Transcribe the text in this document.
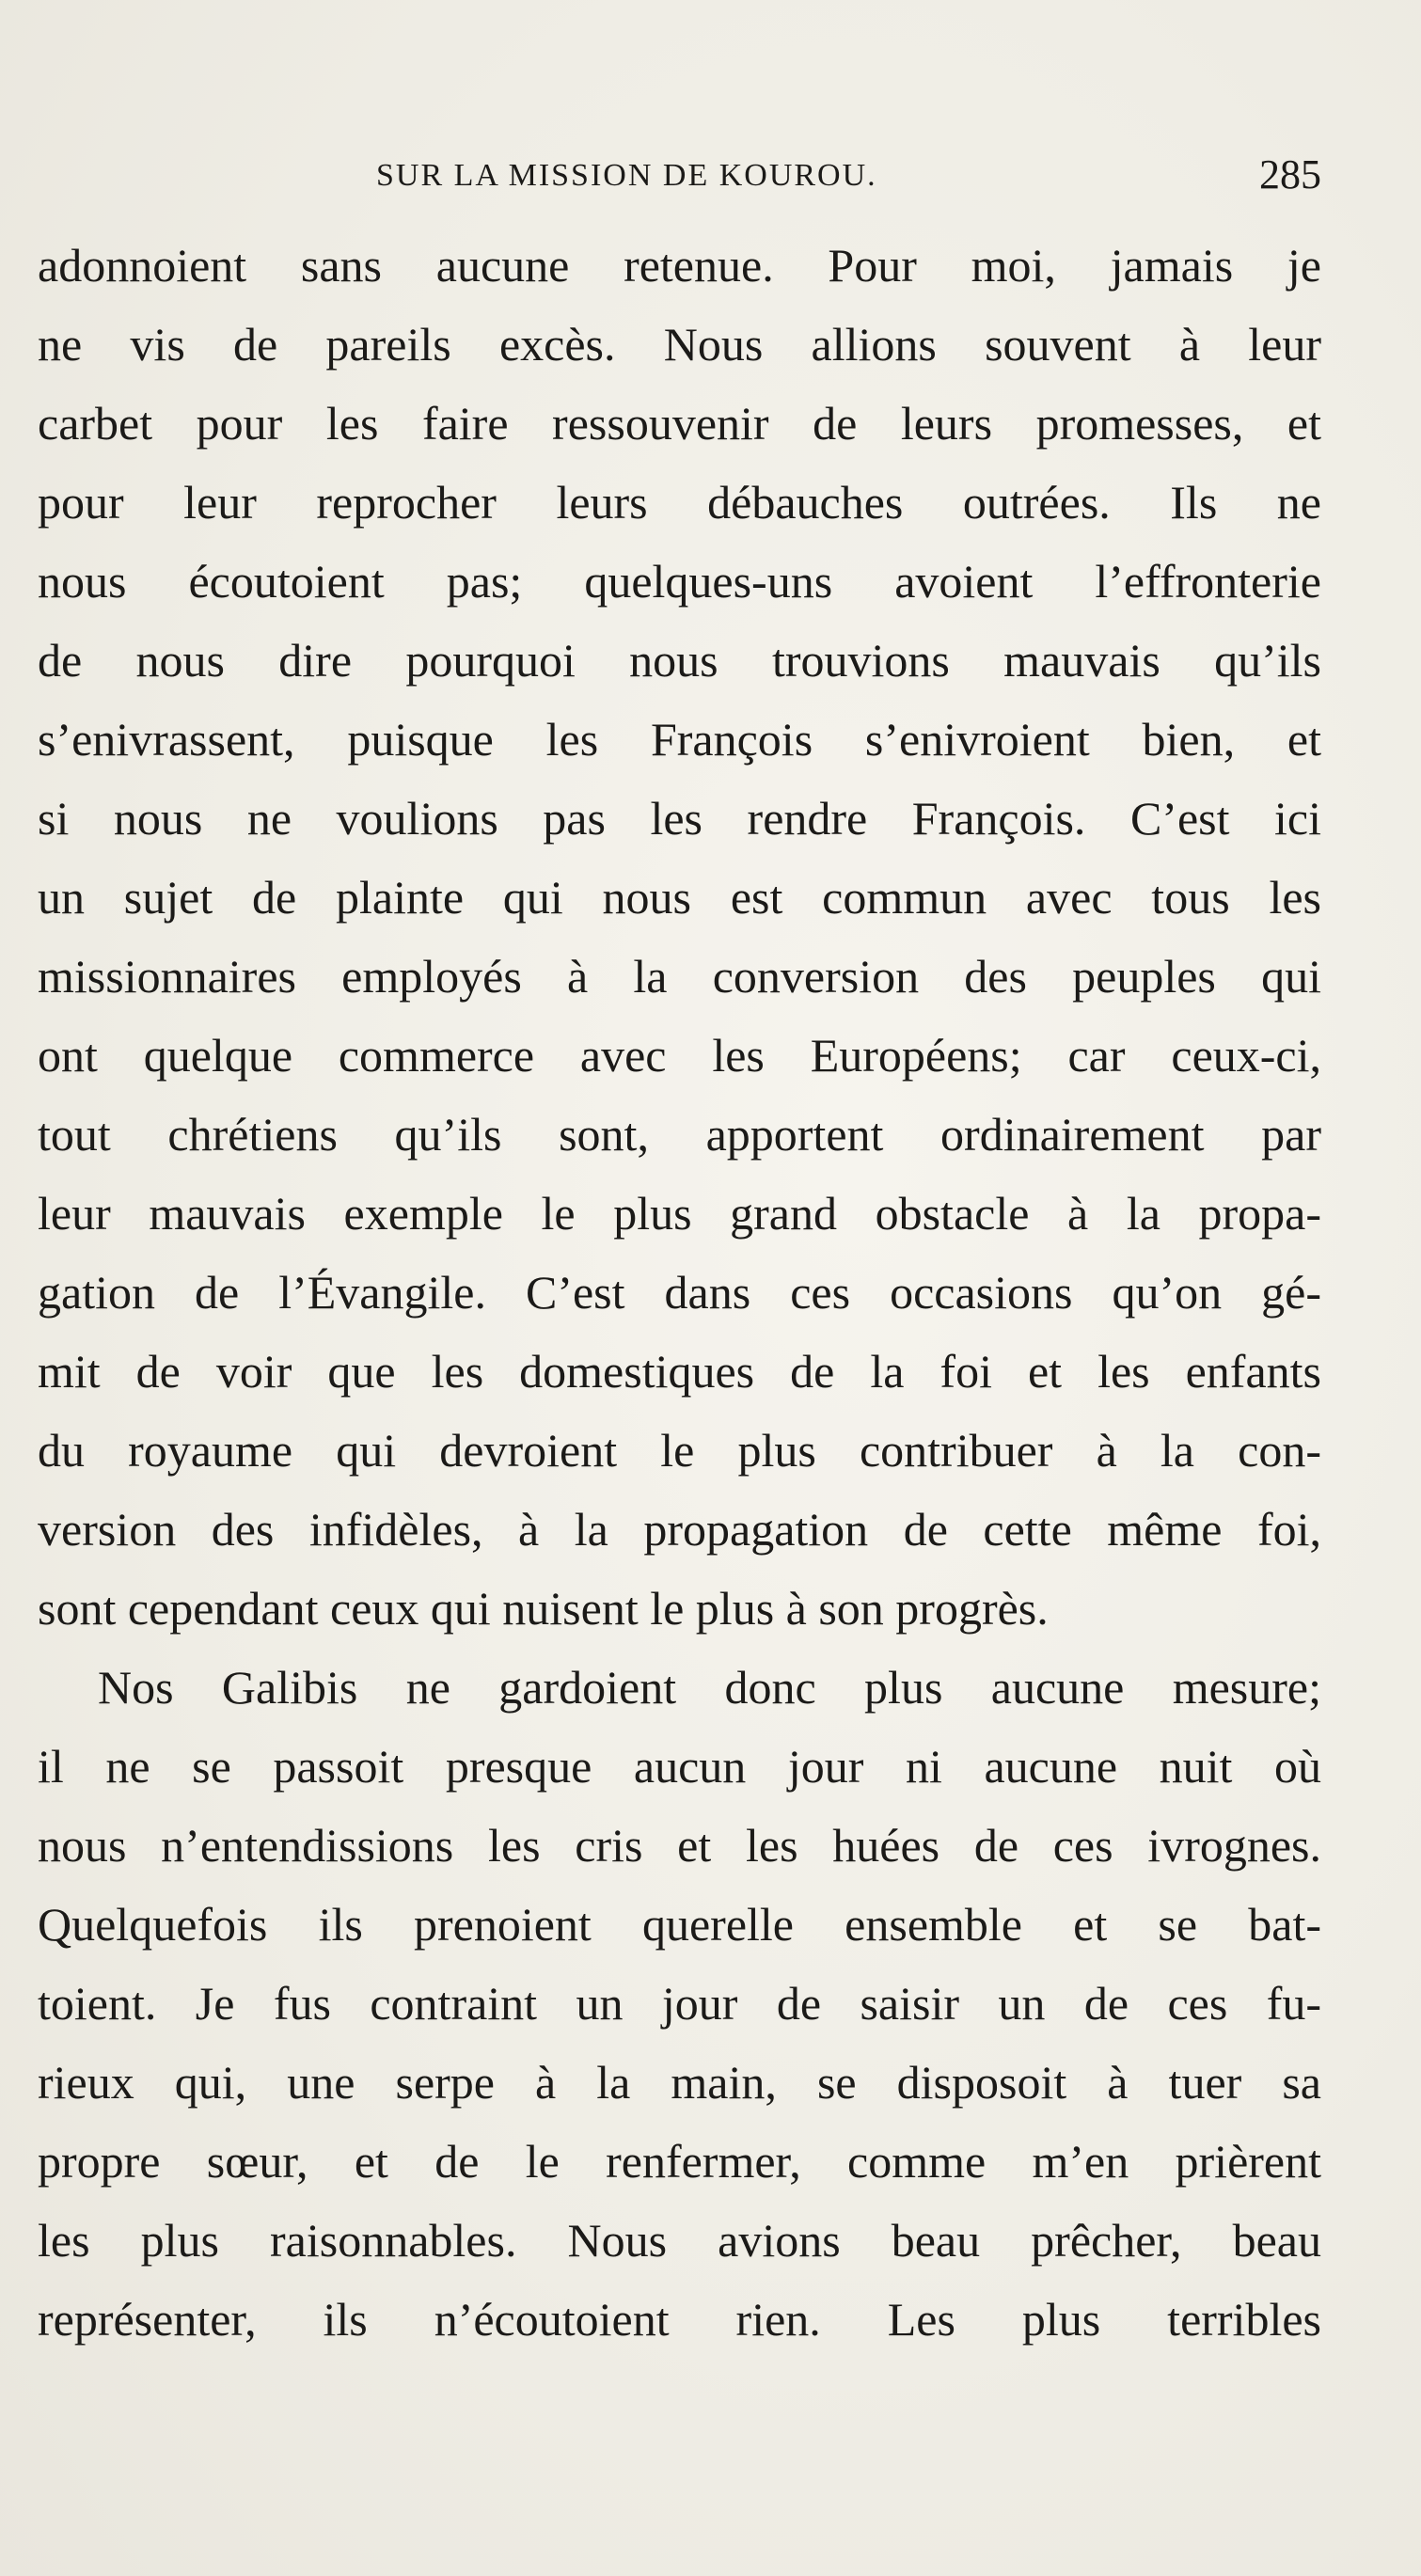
SUR LA MISSION DE KOUROU.	285
adonnoient sans aucune retenue. Pour moi, jamais je
ne vis de pareils excès. Nous allions souvent à leur
carbet pour les faire ressouvenir de leurs promesses, et
pour leur reprocher leurs débauches outrées. Ils ne
nous écoutoient pas; quelques-uns avoient l’effronterie
de nous dire pourquoi nous trouvions mauvais qu’ils
s’enivrassent, puisque les François s’enivroient bien, et
si nous ne voulions pas les rendre François. C’est ici
un sujet de plainte qui nous est commun avec tous les
missionnaires employés à la conversion des peuples qui
ont quelque commerce avec les Européens; car ceux-ci,
tout chrétiens qu’ils sont, apportent ordinairement par
leur mauvais exemple le plus grand obstacle à la propa-
gation de l’Évangile. C’est dans ces occasions qu’on gé-
mit de voir que les domestiques de la foi et les enfants
du royaume qui devroient le plus contribuer à la con-
version des infidèles, à la propagation de cette même foi,
sont cependant ceux qui nuisent le plus à son progrès.
Nos Galibis ne gardoient donc plus aucune mesure;
il ne se passoit presque aucun jour ni aucune nuit où
nous n’entendissions les cris et les huées de ces ivrognes.
Quelquefois ils prenoient querelle ensemble et se bat-
toient. Je fus contraint un jour de saisir un de ces fu-
rieux qui, une serpe à la main, se disposoit à tuer sa
propre sœur, et de le renfermer, comme m’en prièrent
les plus raisonnables. Nous avions beau prêcher, beau
représenter, ils n’écoutoient rien. Les plus terribles
